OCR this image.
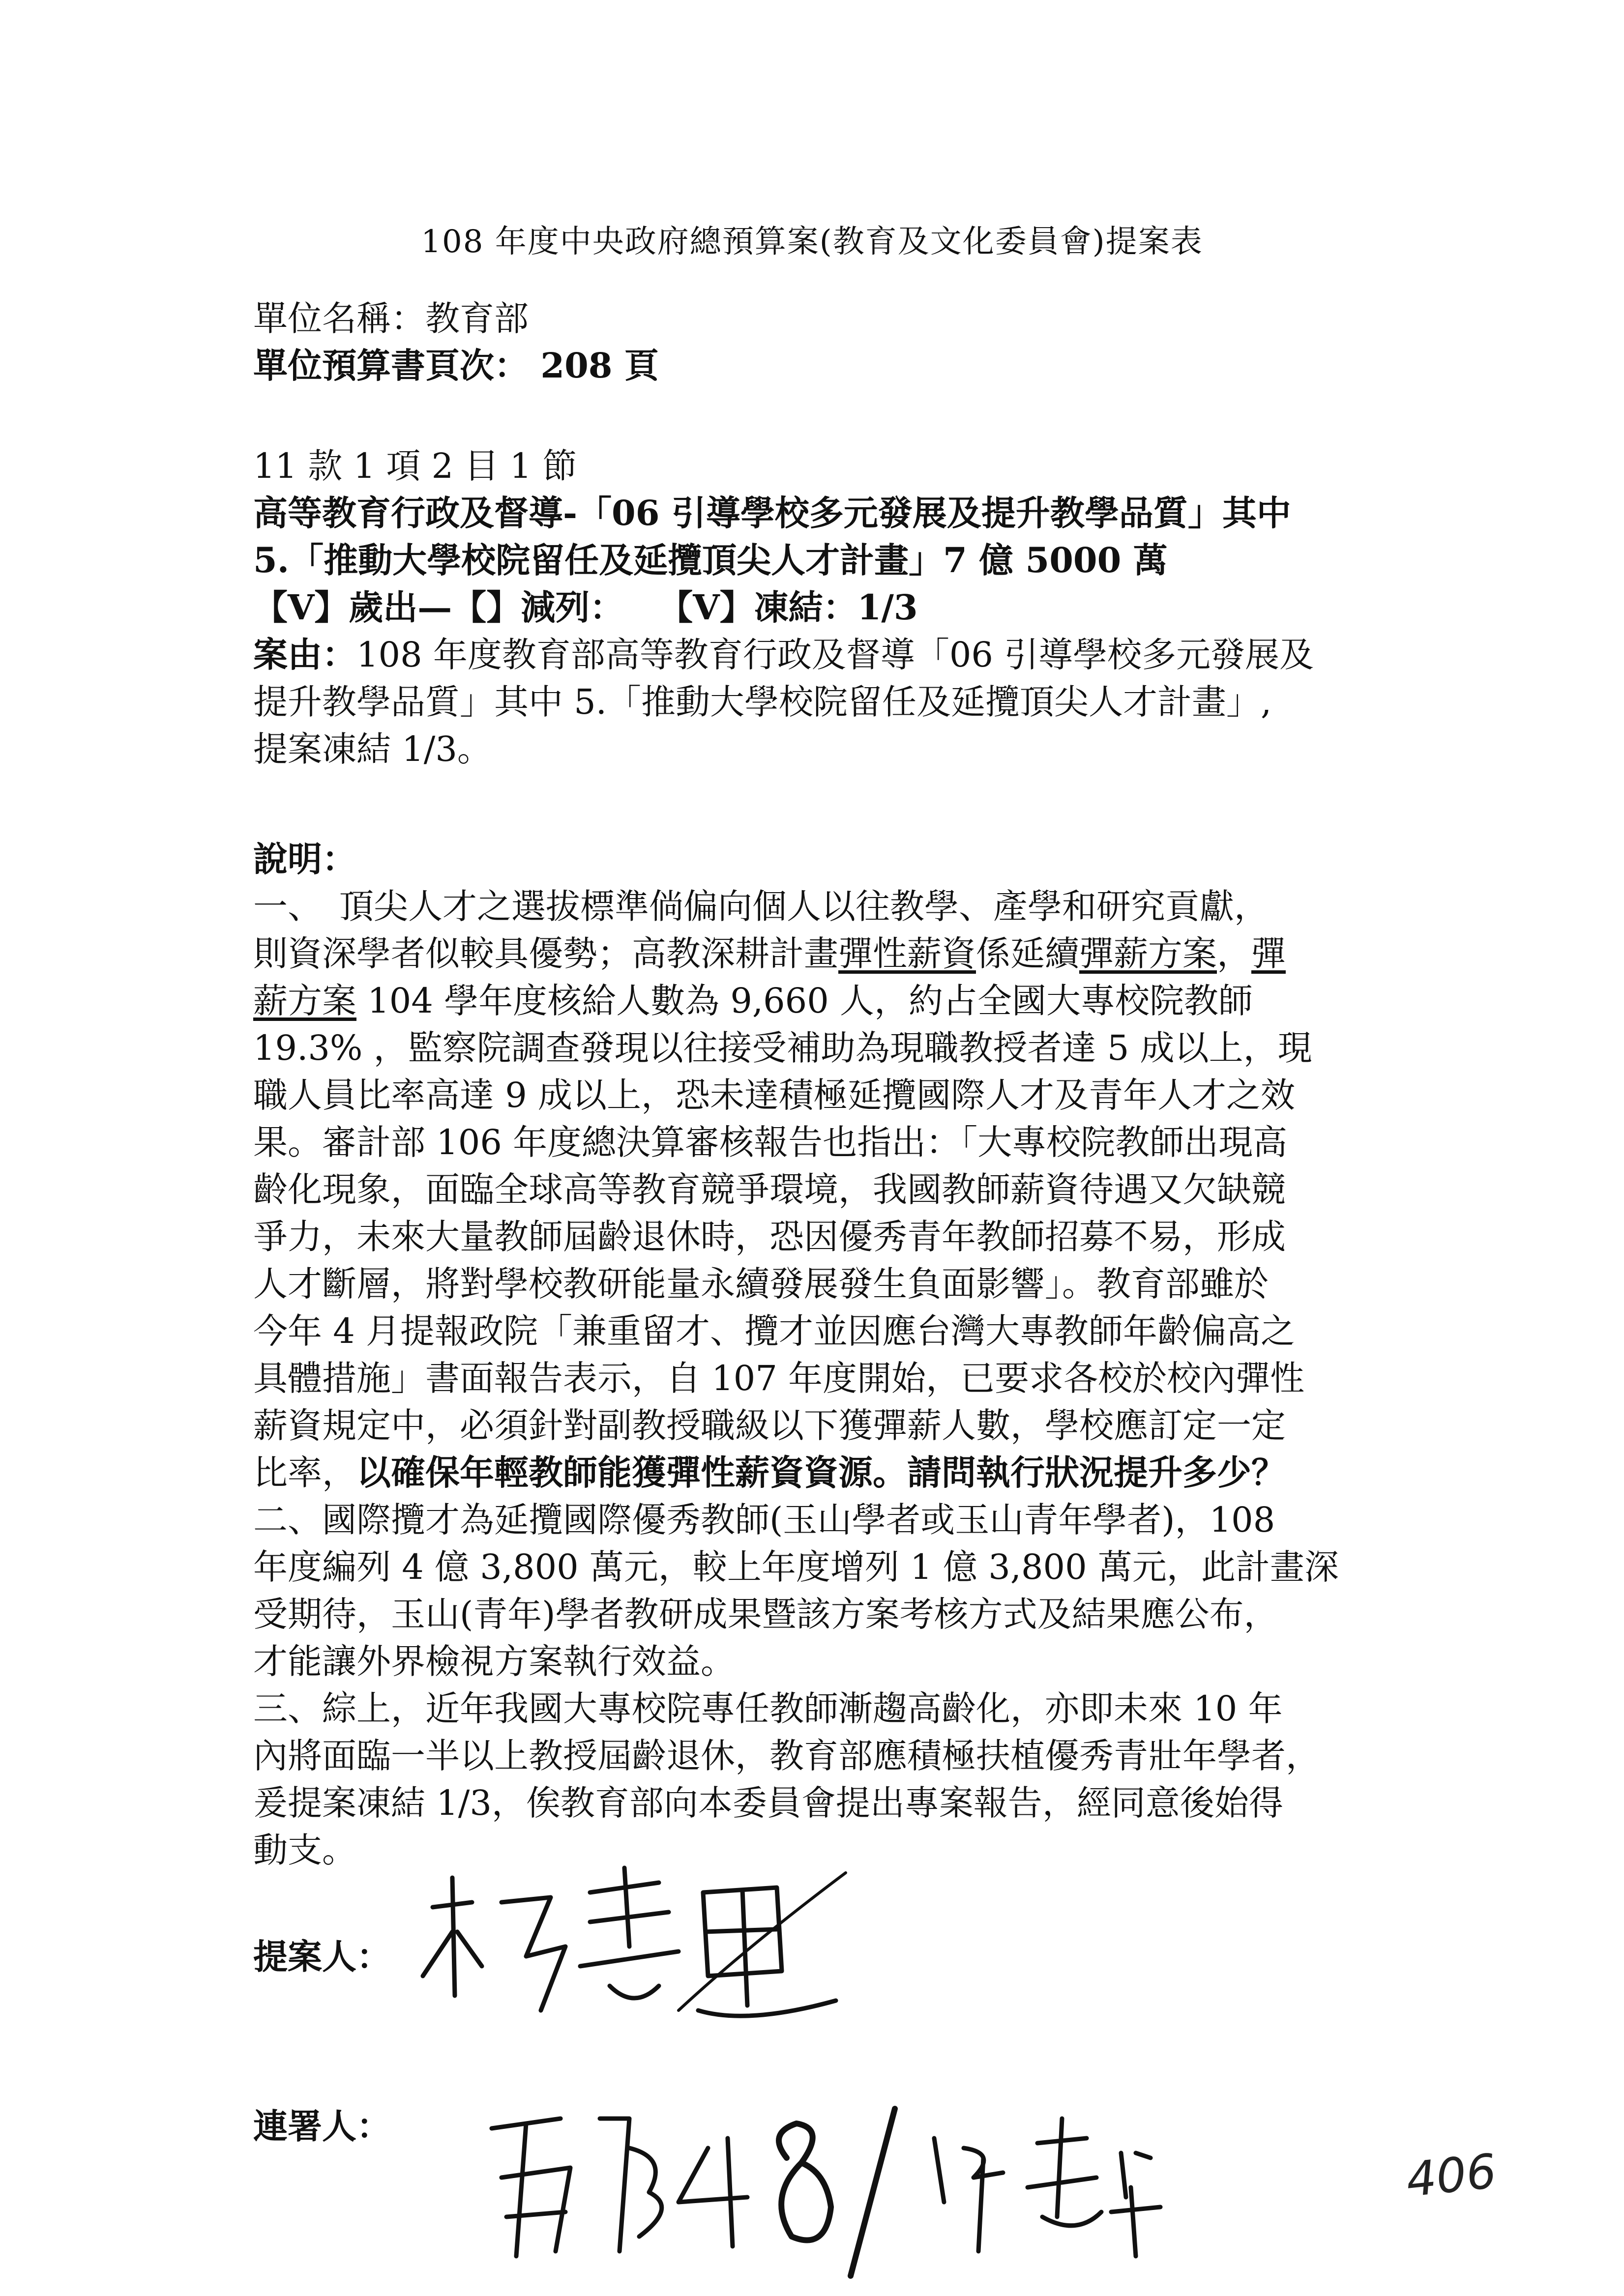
108 年度中央政府總預算案(教育及文化委員會)提案表
單位名稱：教育部
單位預算書頁次： 208 頁
11 款 1 項 2 目 1 節
高等教育行政及督導-「06 引導學校多元發展及提升教學品質」其中
5.「推動大學校院留任及延攬頂尖人才計畫」7 億 5000 萬
【V】歲出—【】減列：　　【V】凍結：1/3
案由：108 年度教育部高等教育行政及督導「06 引導學校多元發展及
提升教學品質」其中 5.「推動大學校院留任及延攬頂尖人才計畫」,
提案凍結 1/3。
說明：
一、　頂尖人才之選拔標準倘偏向個人以往教學、產學和研究貢獻，
則資深學者似較具優勢；高教深耕計畫彈性薪資係延續彈薪方案，彈
薪方案 104 學年度核給人數為 9,660 人，約占全國大專校院教師
19.3% ，監察院調查發現以往接受補助為現職教授者達 5 成以上，現
職人員比率高達 9 成以上，恐未達積極延攬國際人才及青年人才之效
果。審計部 106 年度總決算審核報告也指出：「大專校院教師出現高
齡化現象，面臨全球高等教育競爭環境，我國教師薪資待遇又欠缺競
爭力，未來大量教師屆齡退休時，恐因優秀青年教師招募不易，形成
人才斷層，將對學校教研能量永續發展發生負面影響」。教育部雖於
今年 4 月提報政院「兼重留才、攬才並因應台灣大專教師年齡偏高之
具體措施」書面報告表示，自 107 年度開始，已要求各校於校內彈性
薪資規定中，必須針對副教授職級以下獲彈薪人數，學校應訂定一定
比率，以確保年輕教師能獲彈性薪資資源。請問執行狀況提升多少？
二、國際攬才為延攬國際優秀教師(玉山學者或玉山青年學者)，108
年度編列 4 億 3,800 萬元，較上年度增列 1 億 3,800 萬元，此計畫深
受期待，玉山(青年)學者教研成果暨該方案考核方式及結果應公布，
才能讓外界檢視方案執行效益。
三、綜上，近年我國大專校院專任教師漸趨高齡化，亦即未來 10 年
內將面臨一半以上教授屆齡退休，教育部應積極扶植優秀青壯年學者，
爰提案凍結 1/3，俟教育部向本委員會提出專案報告，經同意後始得
動支。
提案人：
連署人：
406
